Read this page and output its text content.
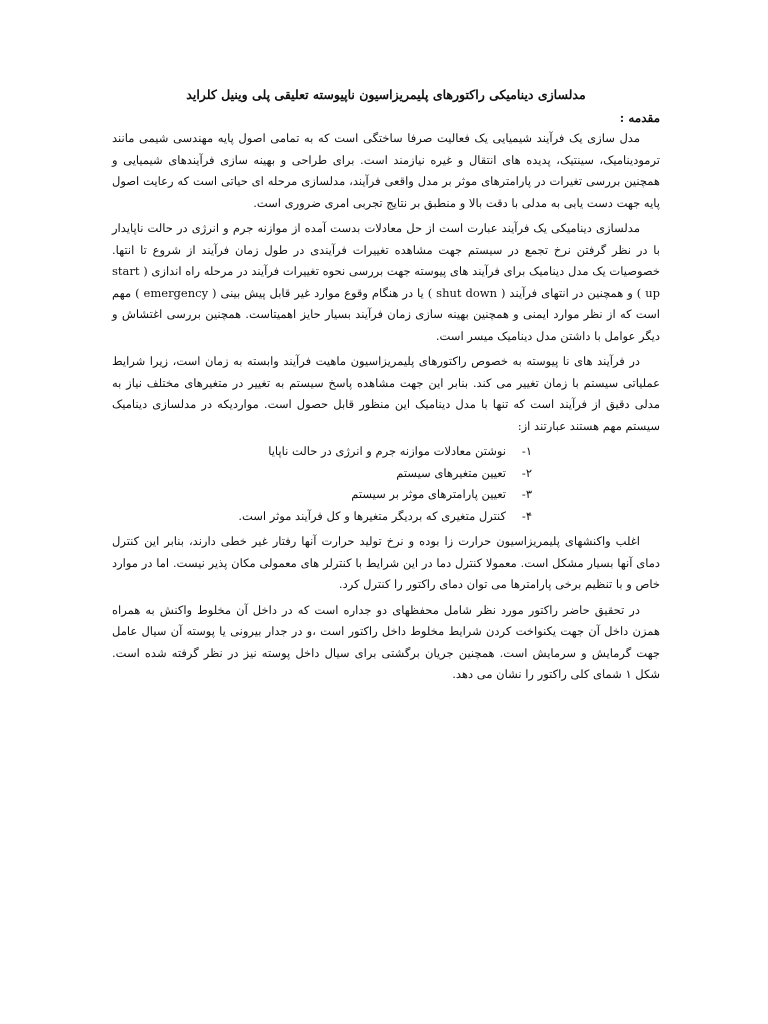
مدلسازی دینامیکی راکتورهای پلیمریزاسیون ناپیوسته تعلیقی پلی وینیل کلراید
مقدمه :

مدل سازی یک فرآیند شیمیایی یک فعالیت صرفا ساختگی است که به تمامی اصول پایه مهندسی شیمی مانند ترمودینامیک، سینتیک، پدیده های انتقال و غیره نیازمند است. برای طراحی و بهینه سازی فرآیندهای شیمیایی و همچنین بررسی تغیرات در پارامترهای موثر بر مدل واقعی فرآیند، مدلسازی مرحله ای حیاتی است که رعایت اصول پایه جهت دست یابی به مدلی با دقت بالا و منطبق بر نتایج تجربی امری ضروری است.

مدلسازی دینامیکی یک فرآیند عبارت است از حل معادلات بدست آمده از موازنه جرم و انرژی در حالت ناپایدار با در نظر گرفتن نرخ تجمع در سیستم جهت مشاهده تغییرات فرآیندی در طول زمان فرآیند از شروع تا انتها. خصوصیات یک مدل دینامیک برای فرآیند های پیوسته جهت بررسی نحوه تغییرات فرآیند در مرحله راه اندازی ( start up ) و همچنین در انتهای فرآیند ( shut down ) یا در هنگام وقوع موارد غیر قابل پیش بینی ( emergency ) مهم است که از نظر موارد ایمنی و همچنین بهینه سازی زمان فرآیند بسیار حایز اهمیتاست. همچنین بررسی اغتشاش و دیگر عوامل با داشتن مدل دینامیک میسر است.

در فرآیند های نا پیوسته به خصوص راکتورهای پلیمریزاسیون ماهیت فرآیند وابسته به زمان است، زیرا شرایط عملیاتی سیستم با زمان تغییر می کند. بنابر این جهت مشاهده پاسخ سیستم به تغییر در متغیرهای مختلف نیاز به مدلی دقیق از فرآیند است که تنها با مدل دینامیک این منظور قابل حصول است. مواردیکه در مدلسازی دینامیک سیستم مهم هستند عبارتند از:

۱-
نوشتن معادلات موازنه جرم و انرژی در حالت ناپایا
۲-
تعیین متغیرهای سیستم
۳-
تعیین پارامترهای موثر بر سیستم
۴-
کنترل متغیری که بردیگر متغیرها و کل فرآیند موثر است.

اغلب واکنشهای پلیمریزاسیون حرارت زا بوده و نرخ تولید حرارت آنها رفتار غیر خطی دارند، بنابر این کنترل دمای آنها بسیار مشکل است. معمولا کنترل دما در این شرایط با کنترلر های معمولی مکان پذیر نیست. اما در موارد خاص و با تنظیم برخی پارامترها می توان دمای راکتور را کنترل کرد.

در تحقیق حاضر راکتور مورد نظر شامل محفظهای دو جداره است که در داخل آن مخلوط واکنش به همراه همزن داخل آن جهت یکنواخت کردن شرایط مخلوط داخل راکتور است ،و در جدار بیرونی یا پوسته آن سیال عامل جهت گرمایش و سرمایش است. همچنین جریان برگشتی برای سیال داخل پوسته نیز در نظر گرفته شده است. شکل ۱ شمای کلی راکتور را نشان می دهد.
